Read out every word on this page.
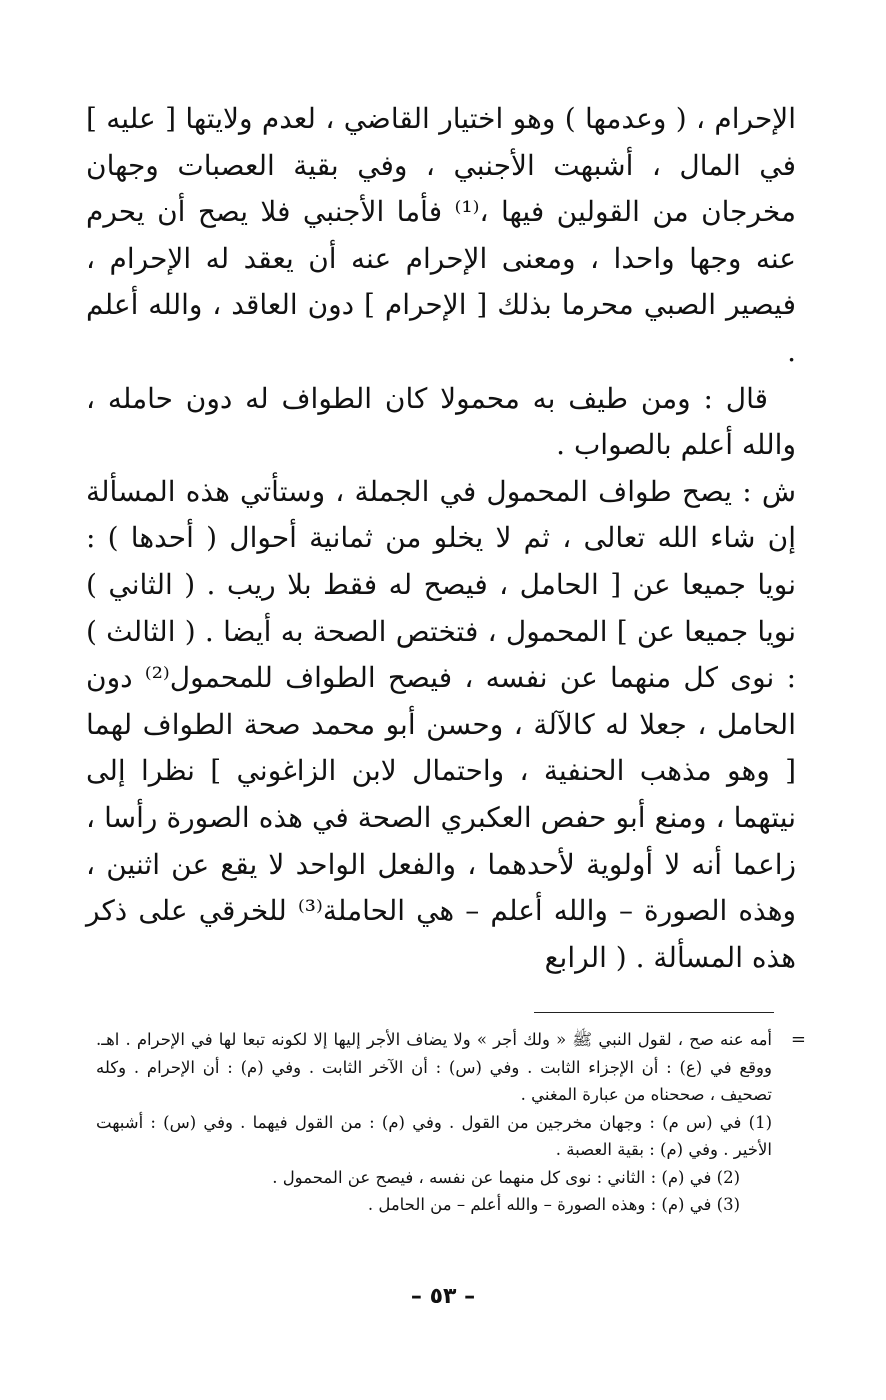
الإحرام ، ( وعدمها ) وهو اختيار القاضي ، لعدم ولايتها [ عليه ] في المال ، أشبهت الأجنبي ، وفي بقية العصبات وجهان مخرجان من القولين فيها ،⁽¹⁾ فأما الأجنبي فلا يصح أن يحرم عنه وجها واحدا ، ومعنى الإحرام عنه أن يعقد له الإحرام ، فيصير الصبي محرما بذلك [ الإحرام ] دون العاقد ، والله أعلم .

قال : ومن طيف به محمولا كان الطواف له دون حامله ، والله أعلم بالصواب .

ش : يصح طواف المحمول في الجملة ، وستأتي هذه المسألة إن شاء الله تعالى ، ثم لا يخلو من ثمانية أحوال ( أحدها ) : نويا جميعا عن [ الحامل ، فيصح له فقط بلا ريب . ( الثاني ) نويا جميعا عن ] المحمول ، فتختص الصحة به أيضا . ( الثالث ) : نوى كل منهما عن نفسه ، فيصح الطواف للمحمول⁽²⁾ دون الحامل ، جعلا له كالآلة ، وحسن أبو محمد صحة الطواف لهما [ وهو مذهب الحنفية ، واحتمال لابن الزاغوني ] نظرا إلى نيتهما ، ومنع أبو حفص العكبري الصحة في هذه الصورة رأسا ، زاعما أنه لا أولوية لأحدهما ، والفعل الواحد لا يقع عن اثنين ، وهذه الصورة – والله أعلم – هي الحاملة⁽³⁾ للخرقي على ذكر هذه المسألة . ( الرابع

=
أمه عنه صح ، لقول النبي ﷺ « ولك أجر » ولا يضاف الأجر إليها إلا لكونه تبعا لها في الإحرام . اهـ. ووقع في (ع) : أن الإجزاء الثابت . وفي (س) : أن الآخر الثابت . وفي (م) : أن الإحرام . وكله تصحيف ، صححناه من عبارة المغني .

(1) في (س م) : وجهان مخرجين من القول . وفي (م) : من القول فيهما . وفي (س) : أشبهت الأخير . وفي (م) : بقية العصبة .

(2) في (م) : الثاني : نوى كل منهما عن نفسه ، فيصح عن المحمول .

(3) في (م) : وهذه الصورة – والله أعلم – من الحامل .

– ٥٣ –
